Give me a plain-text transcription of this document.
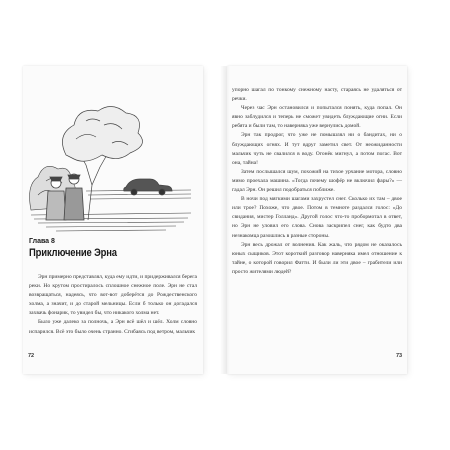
Глава 8
Приключение Эрна

Эрн примерно представлял, куда ему идти, и придерживался берега реки. Но крутом простиралось сплошное снежное поле. Эрн не стал возвращаться, надеясь, что вот-вот доберётся до Рождественского холма, а значит, и до старой мельницы. Если б только он догадался захвачь фонарик, то увидел бы, что никакого холма нет.

Было уже далеко за полночь, а Эрн всё шёл и шёл. Холм словно испарился. Всё это было очень странно. Сгибаясь под ветром, мальчик

упорно шагал по тонкому снежному насту, стараясь не удаляться от речки.

Через час Эрн остановился и попытался понять, куда попал. Он явно заблудился и теперь не сможет увидеть блуждающие огни. Если ребята и были там, то наверняка уже вернулись домой.

Эрн так продрог, что уже не помышлял ни о бандитах, ни о блуждающих огнях. И тут вдруг заметил свет. От неожиданности мальчик чуть не свалился в воду. Огонёк мигнул, а потом погас. Вот она, тайна!

Затем послышался шум, похожий на тихое урчание мотора, словно мимо проехала машина. «Тогда почему шофёр не включил фары?» — гадал Эрн. Он решил подобраться поближе.

В ночи под мягкими шагами захрустел снег. Сколько их там – двое или трое? Похоже, что двое. Потом в темноте раздался голос: «До свидания, мистер Голланд». Другой голос что-то пробормотал в ответ, но Эрн не уловил его слова. Снова заскрипел снег, как будто два незнакомца разошлись в разные стороны.

Эрн весь дрожал от волнения. Как жаль, что рядом не оказалось юных сыщиков. Этот короткий разговор наверняка имел отношение к тайне, о которой говорил Фатти. И были ли эти двое – грабители или просто жителями людей?

72	73
